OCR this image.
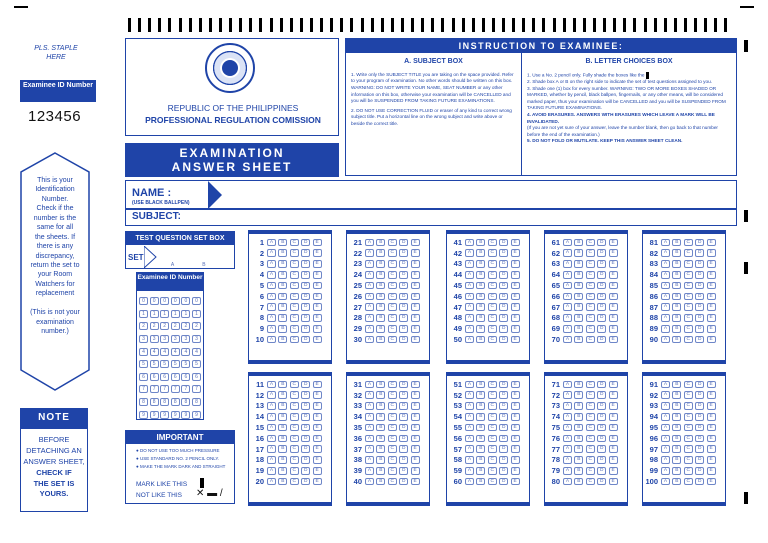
PLS. STAPLE HERE
Examinee ID Number
123456
This is your
Identification
Number.
Check if the
number is the
same for all
the sheets. If
there is any
discrepancy,
return the set to
your Room
Watchers for
replacement

(This is not your
examination
number.)
NOTE
BEFORE
DETACHING AN
ANSWER SHEET,
CHECK IF
THE SET IS
YOURS.
REPUBLIC OF THE PHILIPPINES
PROFESSIONAL REGULATION COMISSION
EXAMINATION
ANSWER SHEET
INSTRUCTION TO EXAMINEE:
A. SUBJECT BOX

1. Write only the SUBJECT TITLE you are taking on the space provided. Refer to your program of examination. No other words should be written on this box. WARNING: DO NOT WRITE YOUR NAME, SEAT NUMBER or any other information on this box, otherwise your examination will be CANCELLED and you will be SUSPENDED FROM TAKING FUTURE EXAMINATIONS.

2. DO NOT USE CORRECTION FLUID or eraser of any kind to correct wrong subject title. Put a horizontal line on the wrong subject and write above or beside the correct title.

B. LETTER CHOICES BOX

1. Use a No. 2 pencil only. Fully shade the boxes like the

2. Shade box A or B on the right side to indicate the set of test questions assigned to you.

3. Shade one (1) box for every number. WARNING: TWO OR MORE BOXES SHADED OR MARKED, whether by pencil, black ballpen, fingernails, or any other means, will be considered marked paper, thus your examination will be CANCELLED and you will be SUSPENDED FROM TAKING FUTURE EXAMINATIONS.

4. AVOID ERASURES. ANSWERS WITH ERASURES WHICH LEAVE A MARK WILL BE INVALIDATED.

(If you are not yet sure of your answer, leave the number blank, then go back to that number before the end of the examination.)

5. DO NOT FOLD OR MUTILATE. KEEP THIS ANSWER SHEET CLEAN.

NAME :
(USE BLACK BALLPEN)
SUBJECT:
TEST QUESTION SET BOX
SET
A	B
Examinee ID Number
0	0	0	0	0	0
1	1	1	1	1	1
2	2	2	2	2	2
3	3	3	3	3	3
4	4	4	4	4	4
5	5	5	5	5	5
6	6	6	6	6	6
7	7	7	7	7	7
8	8	8	8	8	8
9	9	9	9	9	9
IMPORTANT
● DO NOT USE TOO MUCH PRESSURE
● USE STANDARD NO. 2 PENCIL ONLY.
● MAKE THE MARK DARK AND STRAIGHT
MARK LIKE THIS
NOT LIKE THIS ✕ ▬ /
1	A	B	C	D	E
2	A	B	C	D	E
3	A	B	C	D	E
4	A	B	C	D	E
5	A	B	C	D	E
6	A	B	C	D	E
7	A	B	C	D	E
8	A	B	C	D	E
9	A	B	C	D	E
10	A	B	C	D	E
11	A	B	C	D	E
12	A	B	C	D	E
13	A	B	C	D	E
14	A	B	C	D	E
15	A	B	C	D	E
16	A	B	C	D	E
17	A	B	C	D	E
18	A	B	C	D	E
19	A	B	C	D	E
20	A	B	C	D	E
21	A	B	C	D	E
22	A	B	C	D	E
23	A	B	C	D	E
24	A	B	C	D	E
25	A	B	C	D	E
26	A	B	C	D	E
27	A	B	C	D	E
28	A	B	C	D	E
29	A	B	C	D	E
30	A	B	C	D	E
31	A	B	C	D	E
32	A	B	C	D	E
33	A	B	C	D	E
34	A	B	C	D	E
35	A	B	C	D	E
36	A	B	C	D	E
37	A	B	C	D	E
38	A	B	C	D	E
39	A	B	C	D	E
40	A	B	C	D	E
41	A	B	C	D	E
42	A	B	C	D	E
43	A	B	C	D	E
44	A	B	C	D	E
45	A	B	C	D	E
46	A	B	C	D	E
47	A	B	C	D	E
48	A	B	C	D	E
49	A	B	C	D	E
50	A	B	C	D	E
51	A	B	C	D	E
52	A	B	C	D	E
53	A	B	C	D	E
54	A	B	C	D	E
55	A	B	C	D	E
56	A	B	C	D	E
57	A	B	C	D	E
58	A	B	C	D	E
59	A	B	C	D	E
60	A	B	C	D	E
61	A	B	C	D	E
62	A	B	C	D	E
63	A	B	C	D	E
64	A	B	C	D	E
65	A	B	C	D	E
66	A	B	C	D	E
67	A	B	C	D	E
68	A	B	C	D	E
69	A	B	C	D	E
70	A	B	C	D	E
71	A	B	C	D	E
72	A	B	C	D	E
73	A	B	C	D	E
74	A	B	C	D	E
75	A	B	C	D	E
76	A	B	C	D	E
77	A	B	C	D	E
78	A	B	C	D	E
79	A	B	C	D	E
80	A	B	C	D	E
81	A	B	C	D	E
82	A	B	C	D	E
83	A	B	C	D	E
84	A	B	C	D	E
85	A	B	C	D	E
86	A	B	C	D	E
87	A	B	C	D	E
88	A	B	C	D	E
89	A	B	C	D	E
90	A	B	C	D	E
91	A	B	C	D	E
92	A	B	C	D	E
93	A	B	C	D	E
94	A	B	C	D	E
95	A	B	C	D	E
96	A	B	C	D	E
97	A	B	C	D	E
98	A	B	C	D	E
99	A	B	C	D	E
100	A	B	C	D	E
